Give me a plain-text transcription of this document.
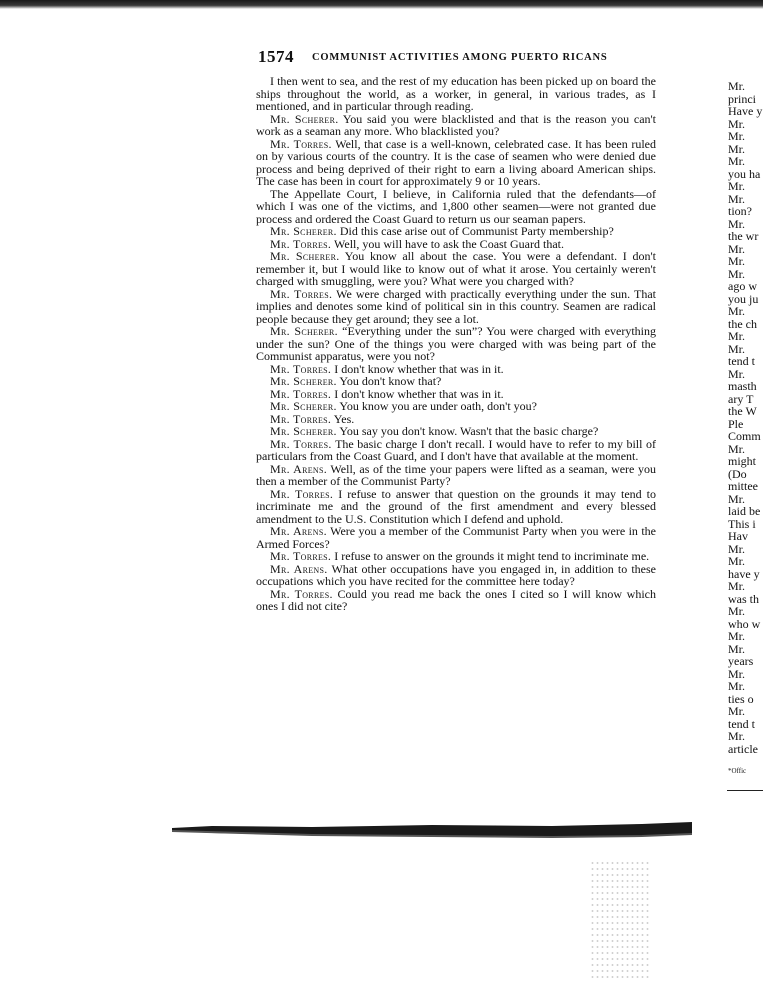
1574 COMMUNIST ACTIVITIES AMONG PUERTO RICANS

I then went to sea, and the rest of my education has been picked up on board the ships throughout the world, as a worker, in general, in various trades, as I mentioned, and in particular through reading.

Mr. Scherer. You said you were blacklisted and that is the reason you can't work as a seaman any more. Who blacklisted you?

Mr. Torres. Well, that case is a well-known, celebrated case. It has been ruled on by various courts of the country. It is the case of seamen who were denied due process and being deprived of their right to earn a living aboard American ships. The case has been in court for approximately 9 or 10 years.

The Appellate Court, I believe, in California ruled that the defendants—of which I was one of the victims, and 1,800 other seamen—were not granted due process and ordered the Coast Guard to return us our seaman papers.

Mr. Scherer. Did this case arise out of Communist Party membership?

Mr. Torres. Well, you will have to ask the Coast Guard that.

Mr. Scherer. You know all about the case. You were a defendant. I don't remember it, but I would like to know out of what it arose. You certainly weren't charged with smuggling, were you? What were you charged with?

Mr. Torres. We were charged with practically everything under the sun. That implies and denotes some kind of political sin in this country. Seamen are radical people because they get around; they see a lot.

Mr. Scherer. “Everything under the sun”? You were charged with everything under the sun? One of the things you were charged with was being part of the Communist apparatus, were you not?

Mr. Torres. I don't know whether that was in it.

Mr. Scherer. You don't know that?

Mr. Torres. I don't know whether that was in it.

Mr. Scherer. You know you are under oath, don't you?

Mr. Torres. Yes.

Mr. Scherer. You say you don't know. Wasn't that the basic charge?

Mr. Torres. The basic charge I don't recall. I would have to refer to my bill of particulars from the Coast Guard, and I don't have that available at the moment.

Mr. Arens. Well, as of the time your papers were lifted as a seaman, were you then a member of the Communist Party?

Mr. Torres. I refuse to answer that question on the grounds it may tend to incriminate me and the ground of the first amendment and every blessed amendment to the U.S. Constitution which I defend and uphold.

Mr. Arens. Were you a member of the Communist Party when you were in the Armed Forces?

Mr. Torres. I refuse to answer on the grounds it might tend to incriminate me.

Mr. Arens. What other occupations have you engaged in, in addition to these occupations which you have recited for the committee here today?

Mr. Torres. Could you read me back the ones I cited so I will know which ones I did not cite?

Mr.
princi
Have y
Mr.
Mr.
Mr.
Mr.
you ha
Mr.
Mr.
tion?
Mr.
the wr
Mr.
Mr.
Mr.
ago w
you ju
Mr.
the ch
Mr.
Mr.
tend t
Mr.
masth
ary T
the W
Ple
Comm
Mr.
might
(Do
mittee
Mr.
laid be
This i
Hav
Mr.
Mr.
have y
Mr.
was th
Mr.
who w
Mr.
Mr.
years
Mr.
Mr.
ties o
Mr.
tend t
Mr.
article
*Offic
